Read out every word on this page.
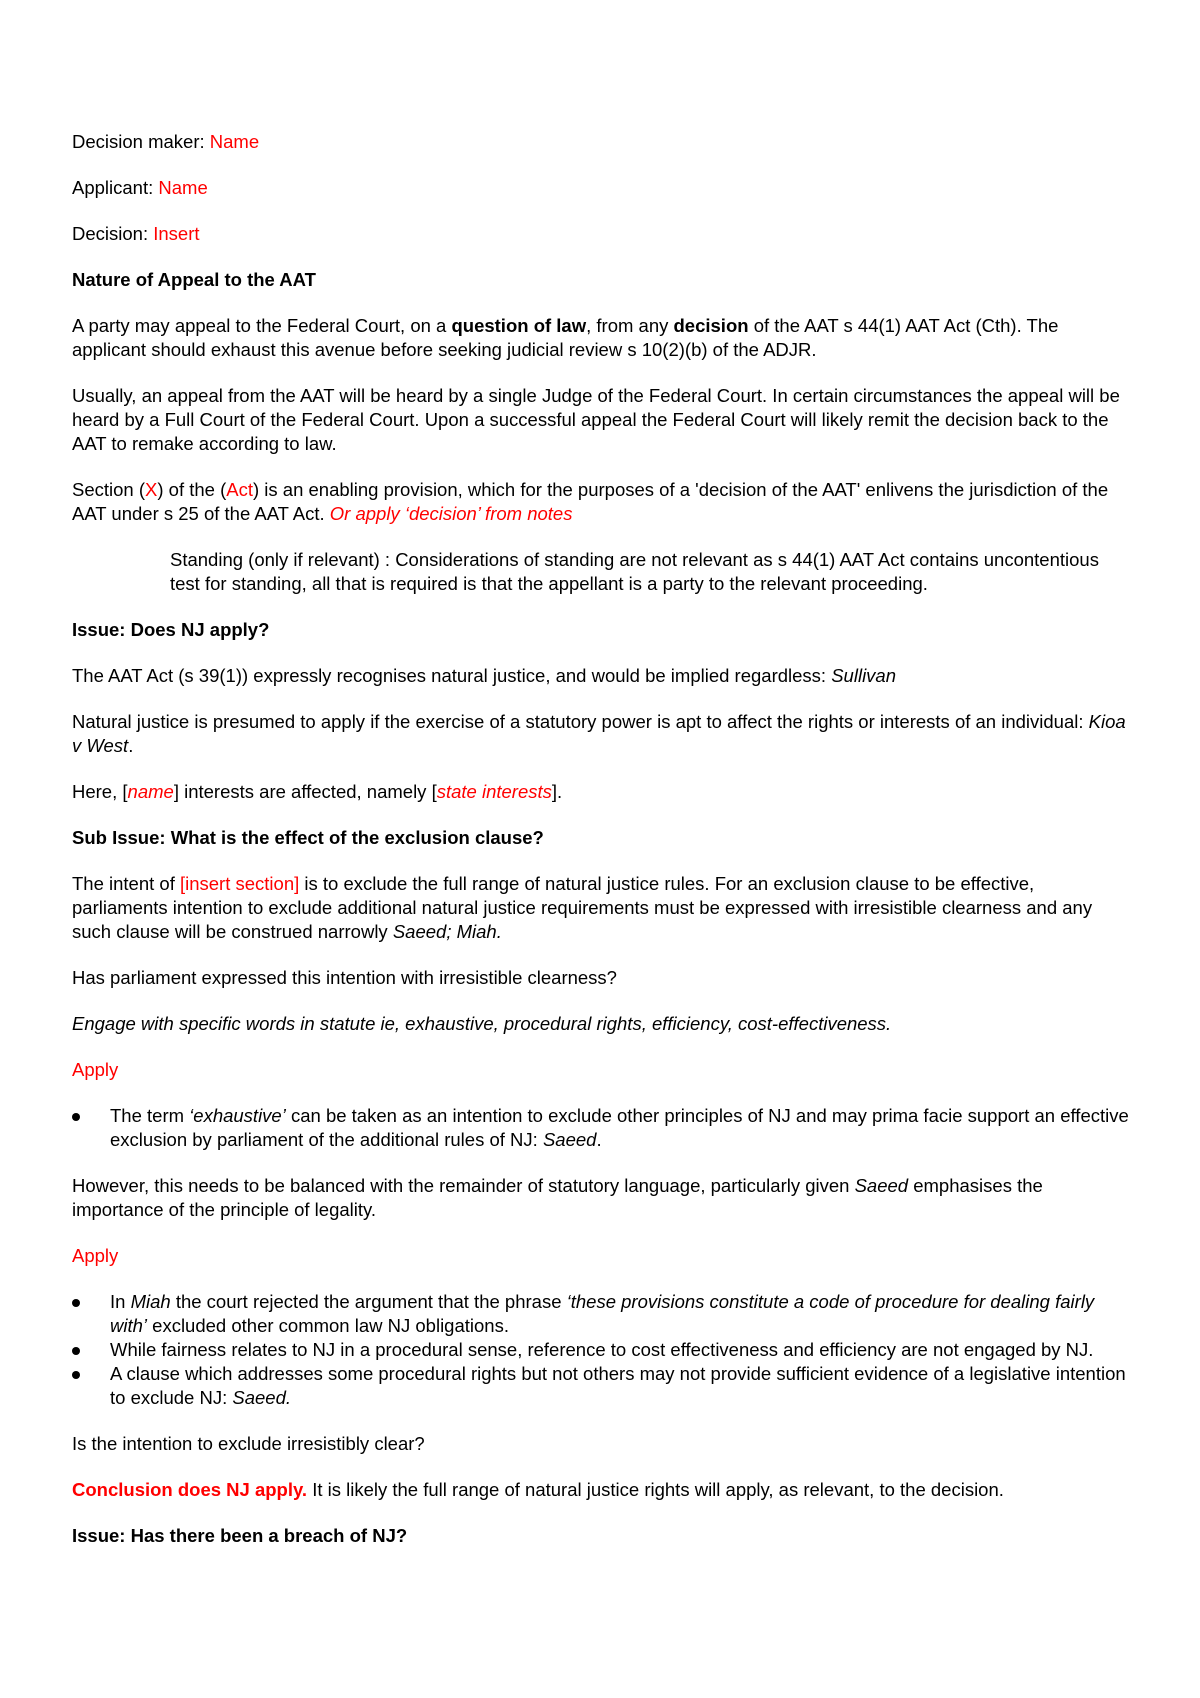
Decision maker: Name

Applicant: Name

Decision: Insert

Nature of Appeal to the AAT

A party may appeal to the Federal Court, on a question of law, from any decision of the AAT s 44(1) AAT Act (Cth). The applicant should exhaust this avenue before seeking judicial review s 10(2)(b) of the ADJR.

Usually, an appeal from the AAT will be heard by a single Judge of the Federal Court. In certain circumstances the appeal will be heard by a Full Court of the Federal Court. Upon a successful appeal the Federal Court will likely remit the decision back to the AAT to remake according to law.

Section (X) of the (Act) is an enabling provision, which for the purposes of a 'decision of the AAT' enlivens the jurisdiction of the AAT under s 25 of the AAT Act. Or apply ‘decision’ from notes

Standing (only if relevant) : Considerations of standing are not relevant as s 44(1) AAT Act contains uncontentious test for standing, all that is required is that the appellant is a party to the relevant proceeding.

Issue: Does NJ apply?

The AAT Act (s 39(1)) expressly recognises natural justice, and would be implied regardless: Sullivan

Natural justice is presumed to apply if the exercise of a statutory power is apt to affect the rights or interests of an individual: Kioa v West.

Here, [name] interests are affected, namely [state interests].

Sub Issue: What is the effect of the exclusion clause?

The intent of [insert section] is to exclude the full range of natural justice rules. For an exclusion clause to be effective, parliaments intention to exclude additional natural justice requirements must be expressed with irresistible clearness and any such clause will be construed narrowly Saeed; Miah.

Has parliament expressed this intention with irresistible clearness?

Engage with specific words in statute ie, exhaustive, procedural rights, efficiency, cost-effectiveness.

Apply

The term ‘exhaustive’ can be taken as an intention to exclude other principles of NJ and may prima facie support an effective exclusion by parliament of the additional rules of NJ: Saeed.

However, this needs to be balanced with the remainder of statutory language, particularly given Saeed emphasises the importance of the principle of legality.

Apply

In Miah the court rejected the argument that the phrase ‘these provisions constitute a code of procedure for dealing fairly with’ excluded other common law NJ obligations.
While fairness relates to NJ in a procedural sense, reference to cost effectiveness and efficiency are not engaged by NJ.
A clause which addresses some procedural rights but not others may not provide sufficient evidence of a legislative intention to exclude NJ: Saeed.

Is the intention to exclude irresistibly clear?

Conclusion does NJ apply. It is likely the full range of natural justice rights will apply, as relevant, to the decision.

Issue: Has there been a breach of NJ?
